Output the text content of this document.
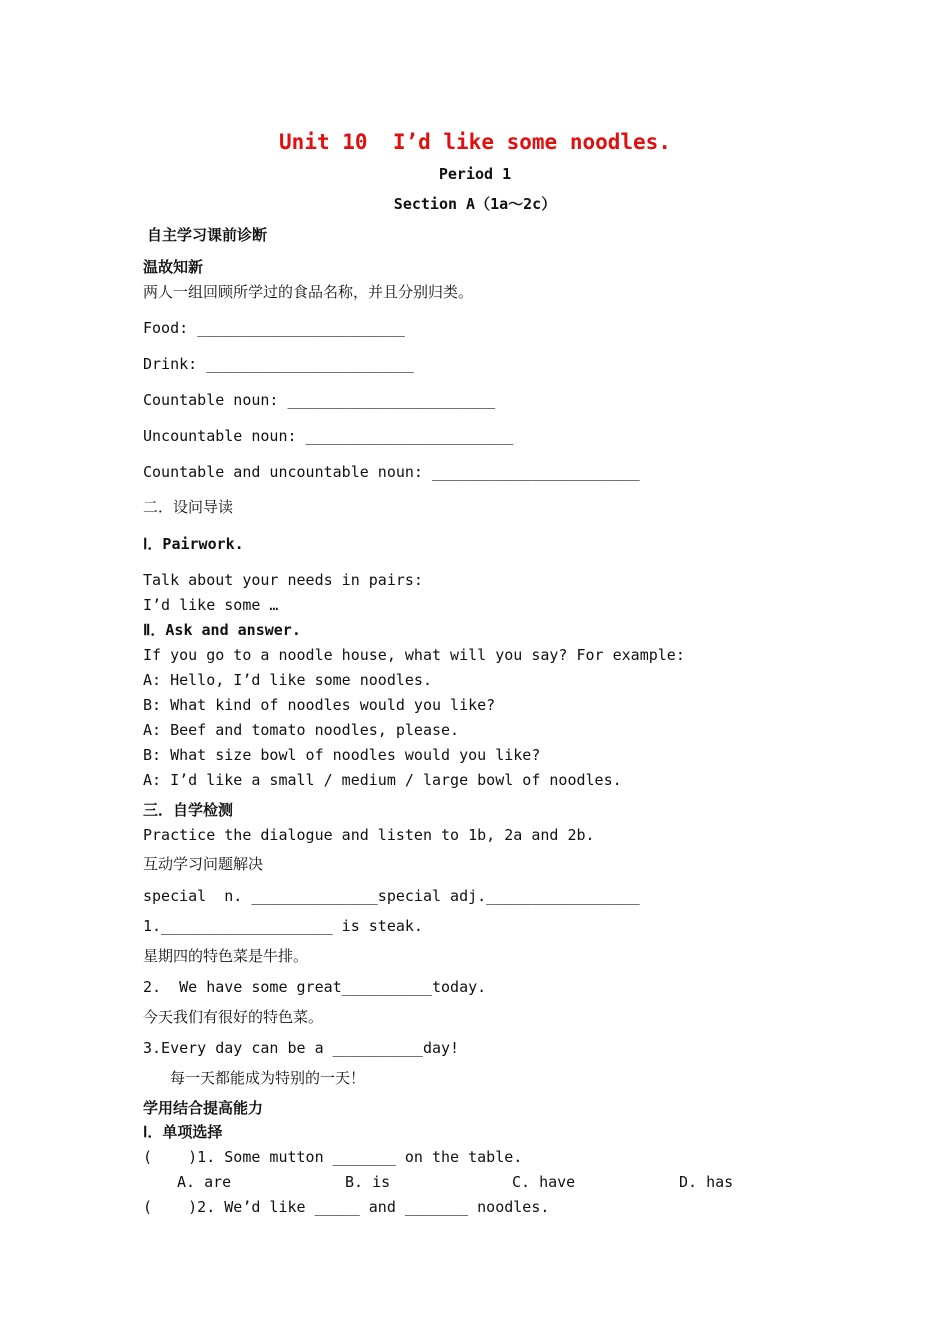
Unit 10  I’d like some noodles.
Period 1
Section A（1a～2c）
自主学习课前诊断
温故知新
两人一组回顾所学过的食品名称，并且分别归类。
Food: _______________________
Drink: _______________________
Countable noun: _______________________
Uncountable noun: _______________________
Countable and uncountable noun: _______________________
二．设问导读
Ⅰ．Pairwork.
Talk about your needs in pairs:
I’d like some …
Ⅱ．Ask and answer.
If you go to a noodle house, what will you say? For example:
A: Hello, I’d like some noodles.
B: What kind of noodles would you like?
A: Beef and tomato noodles, please.
B: What size bowl of noodles would you like?
A: I’d like a small / medium / large bowl of noodles.
三．自学检测
Practice the dialogue and listen to 1b, 2a and 2b.
互动学习问题解决
special  n. ______________special adj._________________
1.___________________ is steak.
星期四的特色菜是牛排。
2.  We have some great__________today.
今天我们有很好的特色菜。
3.Every day can be a __________day!
每一天都能成为特别的一天！
学用结合提高能力
Ⅰ．单项选择
(    )1. Some mutton _______ on the table.
A. are	B. is	C. have	D. has
(    )2. We’d like _____ and _______ noodles.
